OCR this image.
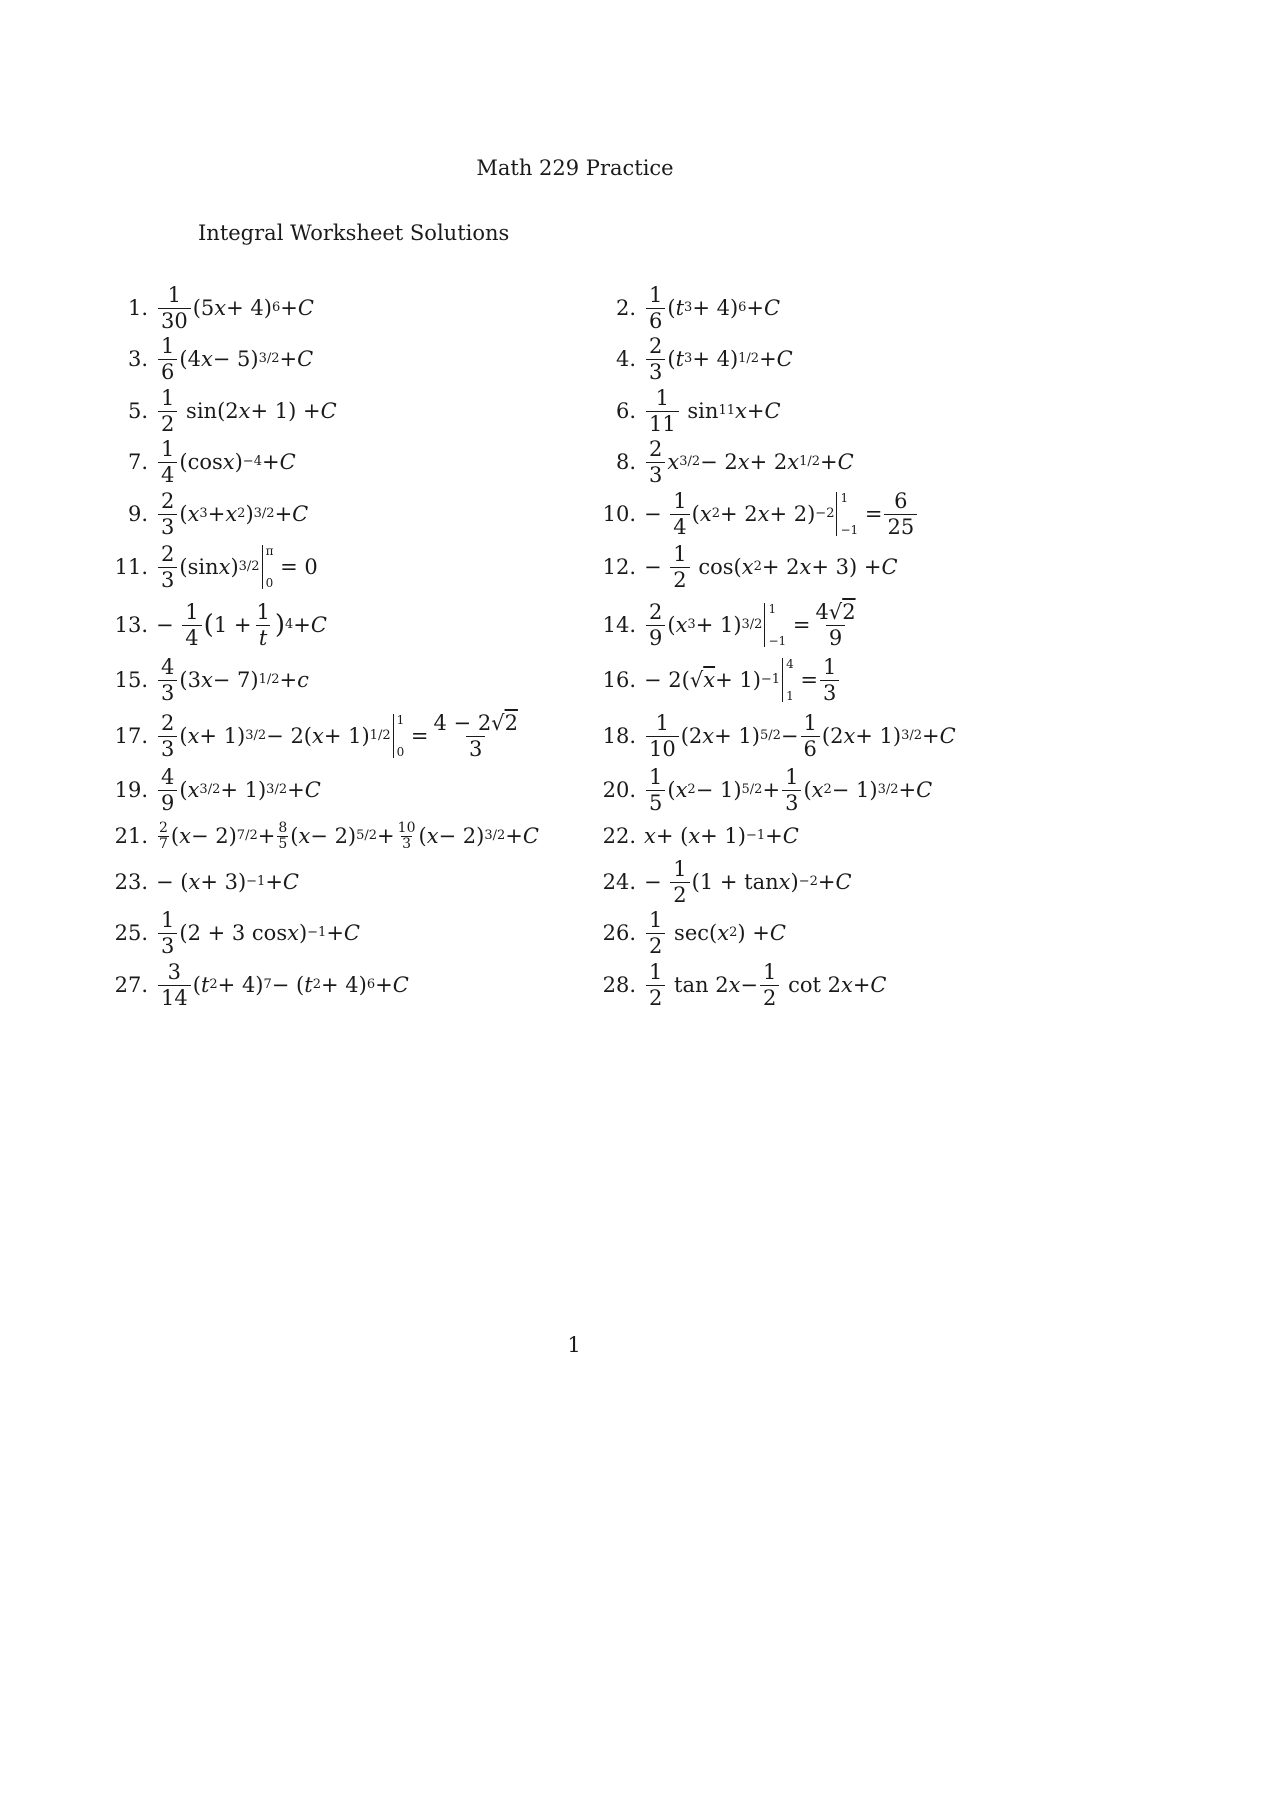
Math 229 Practice
Integral Worksheet Solutions
1. $\frac{1}{30} (5$ x + 4) 6 + C
3. $\frac{1}{6} (4$ x − 5) 3/2 + C
5. $\frac{1}{2} \sin(2$ x + 1) + C
7. $\frac{1}{4} (\cos$ x ) −4 + C
9. $\frac{2}{3}$ ( x 3 + x 2 ) 3/2 + C
11. $\frac{2}{3} (\sin$ x ) 3/2
π
0
= 0
13. − $\frac{1}{4}$ ( $1 + \frac{1}{t}$ ) 4 + C
15. $\frac{4}{3} (3$ x − 7) 1/2 + c
17. $\frac{2}{3}$ ( x + 1) 3/2 − 2( x + 1) 1/2
1
0
= $\frac{4 - 2√2}{3}$
19. $\frac{4}{9}$ ( x 3/2 + 1) 3/2 + C
21. $\frac{2}{7}$ ( x − 2) $7/2 + \frac{8}{5}$ ( x − 2) $5/2 + \frac{10}{3}$ ( x − 2) 3/2 + C
23. − ( x + 3) −1 + C
25. $\frac{1}{3} (2 + 3$ cos x ) −1 + C
27. $\frac{3}{14}$ ( t 2 + 4) 7 − ( t 2 + 4) 6 + C
2. $\frac{1}{6}$ ( t 3 + 4) 6 + C
4. $\frac{2}{3}$ ( t 3 + 4) 1/2 + C
6. $\frac{1}{11}$ sin 11 x + C
8. $\frac{2}{3}$ x 3/2 − 2 x + 2 x 1/2 + C
10. − $\frac{1}{4}$ ( x 2 + 2 x + 2) −2
1
−1
= $\frac{6}{25}$
12. − $\frac{1}{2} \cos$( x 2 + 2 x + 3) + C
14. $\frac{2}{9}$ ( x 3 + 1) 3/2
1
−1
= $\frac{4√2}{9}$
16. − 2(√ x + 1) −1
4
1
= $\frac{1}{3}$
18. $\frac{1}{10} (2$ x + 1) $5/2 - \frac{1}{6} (2$ x + 1) 3/2 + C
20. $\frac{1}{5}$ ( x 2 − 1) $5/2 + \frac{1}{3}$ ( x 2 − 1) 3/2 + C
22. x + ( x + 1) −1 + C
24. − $\frac{1}{2} (1 + \tan x$ ) −2 + C
26. $\frac{1}{2} \sec$( x 2 ) + C
28. $\frac{1}{2}$ tan 2 $x - \frac{1}{2}$ cot 2 x + C
1
